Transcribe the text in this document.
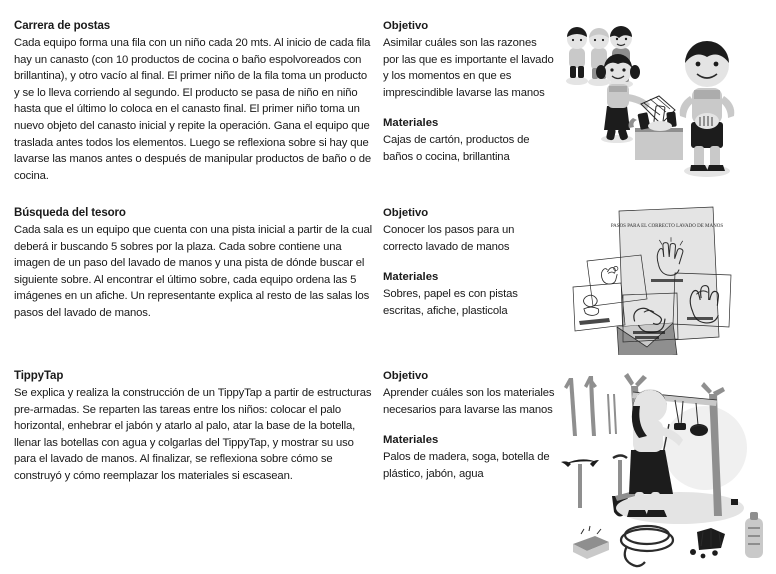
Carrera de postas

Cada equipo forma una fila con un niño cada 20 mts. Al inicio de cada fila hay un canasto (con 10 productos de cocina o baño espolvoreados con brillantina), y otro vacío al final. El primer niño de la fila toma un producto y se lo lleva corriendo al segundo. El producto se pasa de niño en niño hasta que el último lo coloca en el canasto final. El primer niño toma un nuevo objeto del canasto inicial y repite la operación. Gana el equipo que traslada antes todos los elementos. Luego se reflexiona sobre si hay que lavarse las manos antes o después de manipular productos de baño o de cocina.

Objetivo

Asimilar cuáles son las razones por las que es importante el lavado y los momentos en que es imprescindible lavarse las manos

Materiales

Cajas de cartón, productos de baños o cocina, brillantina

Búsqueda del tesoro

Cada sala es un equipo que cuenta con una pista inicial a partir de la cual deberá ir buscando 5 sobres por la plaza. Cada sobre contiene una imagen de un paso del lavado de manos y una pista de dónde buscar el siguiente sobre. Al encontrar el último sobre, cada equipo ordena las 5 imágenes en un afiche. Un representante explica al resto de las salas los pasos del lavado de manos.

Objetivo

Conocer los pasos para un correcto lavado de manos

Materiales

Sobres, papel es con pistas escritas, afiche, plasticola

PASOS PARA EL CORRECTO LAVADO DE MANOS
TippyTap

Se explica y realiza la construcción de un TippyTap a partir de estructuras pre-armadas. Se reparten las tareas entre los niños: colocar el palo horizontal, enhebrar el jabón y atarlo al palo, atar la base de la botella, llenar las botellas con agua y colgarlas del TippyTap, y mostrar su uso para el lavado de manos. Al finalizar, se reflexiona sobre cómo se construyó y cómo reemplazar los materiales si escasean.

Objetivo

Aprender cuáles son los materiales necesarios para lavarse las manos

Materiales

Palos de madera, soga, botella de plástico, jabón, agua
